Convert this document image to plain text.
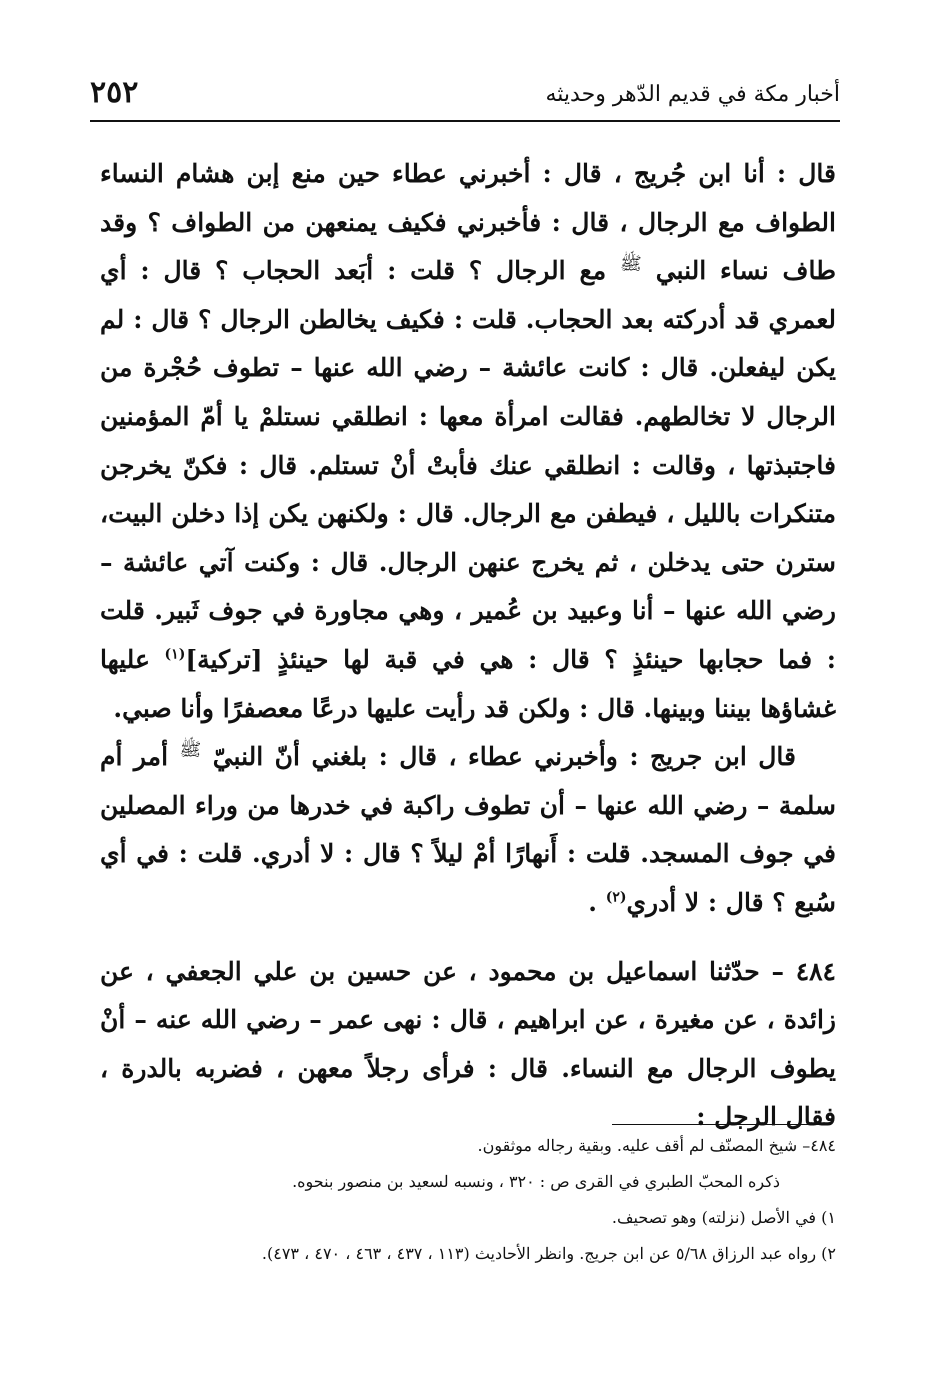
أخبار مكة في قديم الدّهر وحديثه
٢٥٢

قال : أنا ابن جُريج ، قال : أخبرني عطاء حين منع إبن هشام النساء الطواف مع الرجال ، قال : فأخبرني فكيف يمنعهن من الطواف ؟ وقد طاف نساء النبي $^ﷺ$ مع الرجال ؟ قلت : أبَعد الحجاب ؟ قال : أي لعمري قد أدركته بعد الحجاب. قلت : فكيف يخالطن الرجال ؟ قال : لم يكن ليفعلن. قال : كانت عائشة – رضي الله عنها – تطوف حُجْرة من الرجال لا تخالطهم. فقالت امرأة معها : انطلقي نستلمْ يا أمّ المؤمنين فاجتبذتها ، وقالت : انطلقي عنك فأبتْ أنْ تستلم. قال : فكنّ يخرجن متنكرات بالليل ، فيطفن مع الرجال. قال : ولكنهن يكن إذا دخلن البيت، سترن حتى يدخلن ، ثم يخرج عنهن الرجال. قال : وكنت آتي عائشة – رضي الله عنها – أنا وعبيد بن عُمير ، وهي مجاورة في جوف ثَبير. قلت : فما حجابها حينئذٍ ؟ قال : هي في قبة لها حينئذٍ [تركية]$^{(١)}$ عليها غشاؤها بيننا وبينها. قال : ولكن قد رأيت عليها درعًا معصفرًا وأنا صبي.

قال ابن جريج : وأخبرني عطاء ، قال : بلغني أنّ النبيّ $^ﷺ$ أمر أم سلمة – رضي الله عنها – أن تطوف راكبة في خدرها من وراء المصلين في جوف المسجد. قلت : أَنهارًا أمْ ليلاً ؟ قال : لا أدري. قلت : في أي سُبع ؟ قال : لا أدري$^{(٢)}$ .

٤٨٤ – حدّثنا اسماعيل بن محمود ، عن حسين بن علي الجعفي ، عن زائدة ، عن مغيرة ، عن ابراهيم ، قال : نهى عمر – رضي الله عنه – أنْ يطوف الرجال مع النساء. قال : فرأى رجلاً معهن ، فضربه بالدرة ، فقال الرجل :

٤٨٤– شيخ المصنّف لم أقف عليه. وبقية رجاله موثقون.

ذكره المحبّ الطبري في القرى ص : ٣٢٠ ، ونسبه لسعيد بن منصور بنحوه.

١) في الأصل (نزلته) وهو تصحيف.

٢) رواه عبد الرزاق ٥/٦٨ عن ابن جريج. وانظر الأحاديث (١١٣ ، ٤٣٧ ، ٤٦٣ ، ٤٧٠ ، ٤٧٣).
